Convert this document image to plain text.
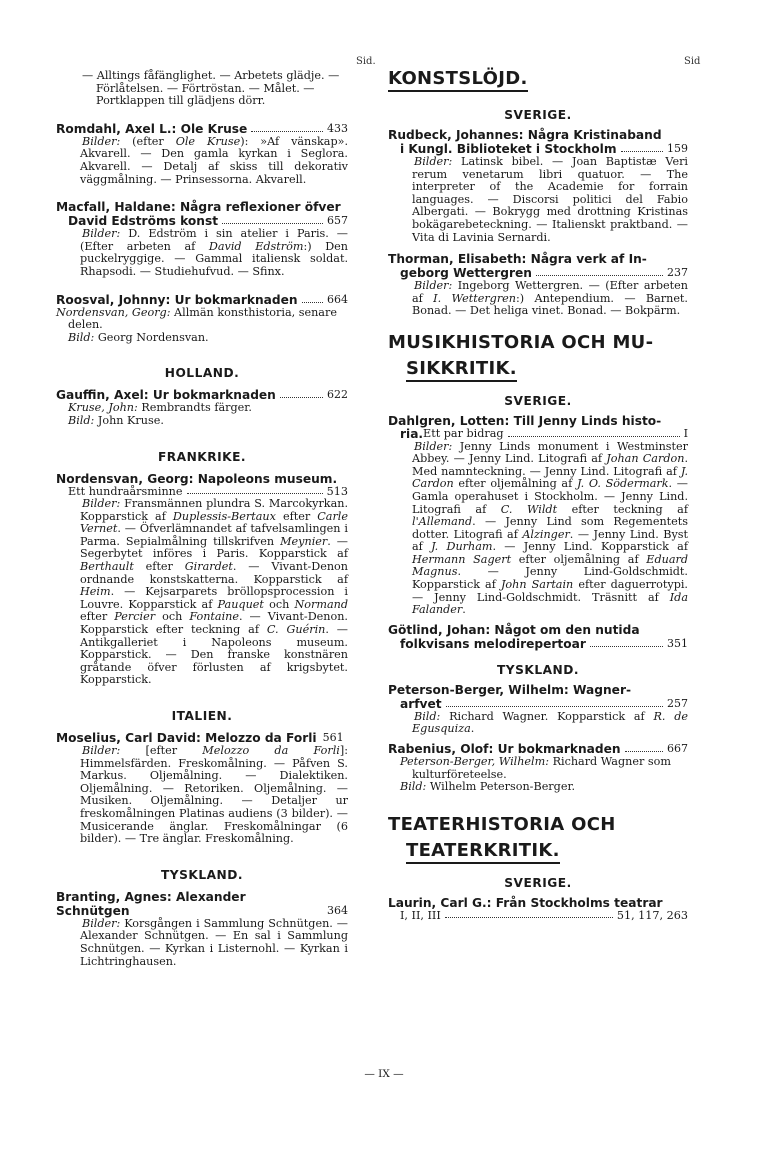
Sid.	Sid
— Alltings fåfänglighet. — Arbetets glädje. — Förlåtelsen. — Förtröstan. — Målet. — Portklappen till glädjens dörr.
Romdahl, Axel L.: Ole Kruse	433
Bilder: (efter Ole Kruse): »Af vänskap». Akvarell. — Den gamla kyrkan i Seglora. Akvarell. — Detalj af skiss till dekorativ väggmålning. — Prinsessorna. Akvarell.
Macfall, Haldane: Några reflexioner öfver
David Edströms konst	657
Bilder: D. Edström i sin atelier i Paris. — (Efter arbeten af David Edström:) Den puckelryggige. — Gammal italiensk soldat. Rhapsodi. — Studiehufvud. — Sfinx.
Roosval, Johnny: Ur bokmarknaden	664
Nordensvan, Georg: Allmän konsthistoria, senare delen.
Bild: Georg Nordensvan.
HOLLAND.
Gauffin, Axel: Ur bokmarknaden	622
Kruse, John: Rembrandts färger.
Bild: John Kruse.
FRANKRIKE.
Nordensvan, Georg: Napoleons museum.
Ett hundraårsminne	513
Bilder: Fransmännen plundra S. Marcokyrkan. Kopparstick af Duplessis-Bertaux efter Carle Vernet. — Öfverlämnandet af tafvelsamlingen i Parma. Sepialmålning tillskrifven Meynier. — Segerbytet införes i Paris. Kopparstick af Berthault efter Girardet. — Vivant-Denon ordnande konstskatterna. Kopparstick af Heim. — Kejsarparets bröllopsprocession i Louvre. Kopparstick af Pauquet och Normand efter Percier och Fontaine. — Vivant-Denon. Kopparstick efter teckning af C. Guérin. — Antikgalleriet i Napoleons museum. Kopparstick. — Den franske konstnären gråtande öfver förlusten af krigsbytet. Kopparstick.
ITALIEN.
Moselius, Carl David: Melozzo da Forli 561
Bilder: [efter Melozzo da Forli]: Himmelsfärden. Freskomålning. — Påfven S. Markus. Oljemålning. — Dialektiken. Oljemålning. — Retoriken. Oljemålning. — Musiken. Oljemålning. — Detaljer ur freskomålningen Platinas audiens (3 bilder). — Musicerande änglar. Freskomålningar (6 bilder). — Tre änglar. Freskomålning.
TYSKLAND.
Branting, Agnes: Alexander Schnütgen	364
Bilder: Korsgången i Sammlung Schnütgen. — Alexander Schnütgen. — En sal i Sammlung Schnütgen. — Kyrkan i Listernohl. — Kyrkan i Lichtringhausen.
KONSTSLÖJD.
SVERIGE.
Rudbeck, Johannes: Några Kristinaband
i Kungl. Biblioteket i Stockholm	159
Bilder: Latinsk bibel. — Joan Baptistæ Veri rerum venetarum libri quatuor. — The interpreter of the Academie for forrain languages. — Discorsi politici del Fabio Albergati. — Bokrygg med drottning Kristinas bokägarebeteckning. — Italienskt praktband. — Vita di Lavinia Sernardi.
Thorman, Elisabeth: Några verk af In-
geborg Wettergren	237
Bilder: Ingeborg Wettergren. — (Efter arbeten af I. Wettergren:) Antependium. — Barnet. Bonad. — Det heliga vinet. Bonad. — Bokpärm.
MUSIKHISTORIA OCH MU-
SIKKRITIK.
SVERIGE.
Dahlgren, Lotten: Till Jenny Linds histo-
ria. Ett par bidrag	I
Bilder: Jenny Linds monument i Westminster Abbey. — Jenny Lind. Litografi af Johan Cardon. Med namnteckning. — Jenny Lind. Litografi af J. Cardon efter oljemålning af J. O. Södermark. — Gamla operahuset i Stockholm. — Jenny Lind. Litografi af C. Wildt efter teckning af l'Allemand. — Jenny Lind som Regementets dotter. Litografi af Alzinger. — Jenny Lind. Byst af J. Durham. — Jenny Lind. Kopparstick af Hermann Sagert efter oljemålning af Eduard Magnus. — Jenny Lind-Goldschmidt. Kopparstick af John Sartain efter daguerrotypi. — Jenny Lind-Goldschmidt. Träsnitt af Ida Falander.
Götlind, Johan: Något om den nutida
folkvisans melodirepertoar	351
TYSKLAND.
Peterson-Berger, Wilhelm: Wagner-
arfvet	257
Bild: Richard Wagner. Kopparstick af R. de Egusquiza.
Rabenius, Olof: Ur bokmarknaden	667
Peterson-Berger, Wilhelm: Richard Wagner som kulturföreteelse.
Bild: Wilhelm Peterson-Berger.
TEATERHISTORIA OCH
TEATERKRITIK.
SVERIGE.
Laurin, Carl G.: Från Stockholms teatrar
I, II, III	51, 117, 263
— IX —
